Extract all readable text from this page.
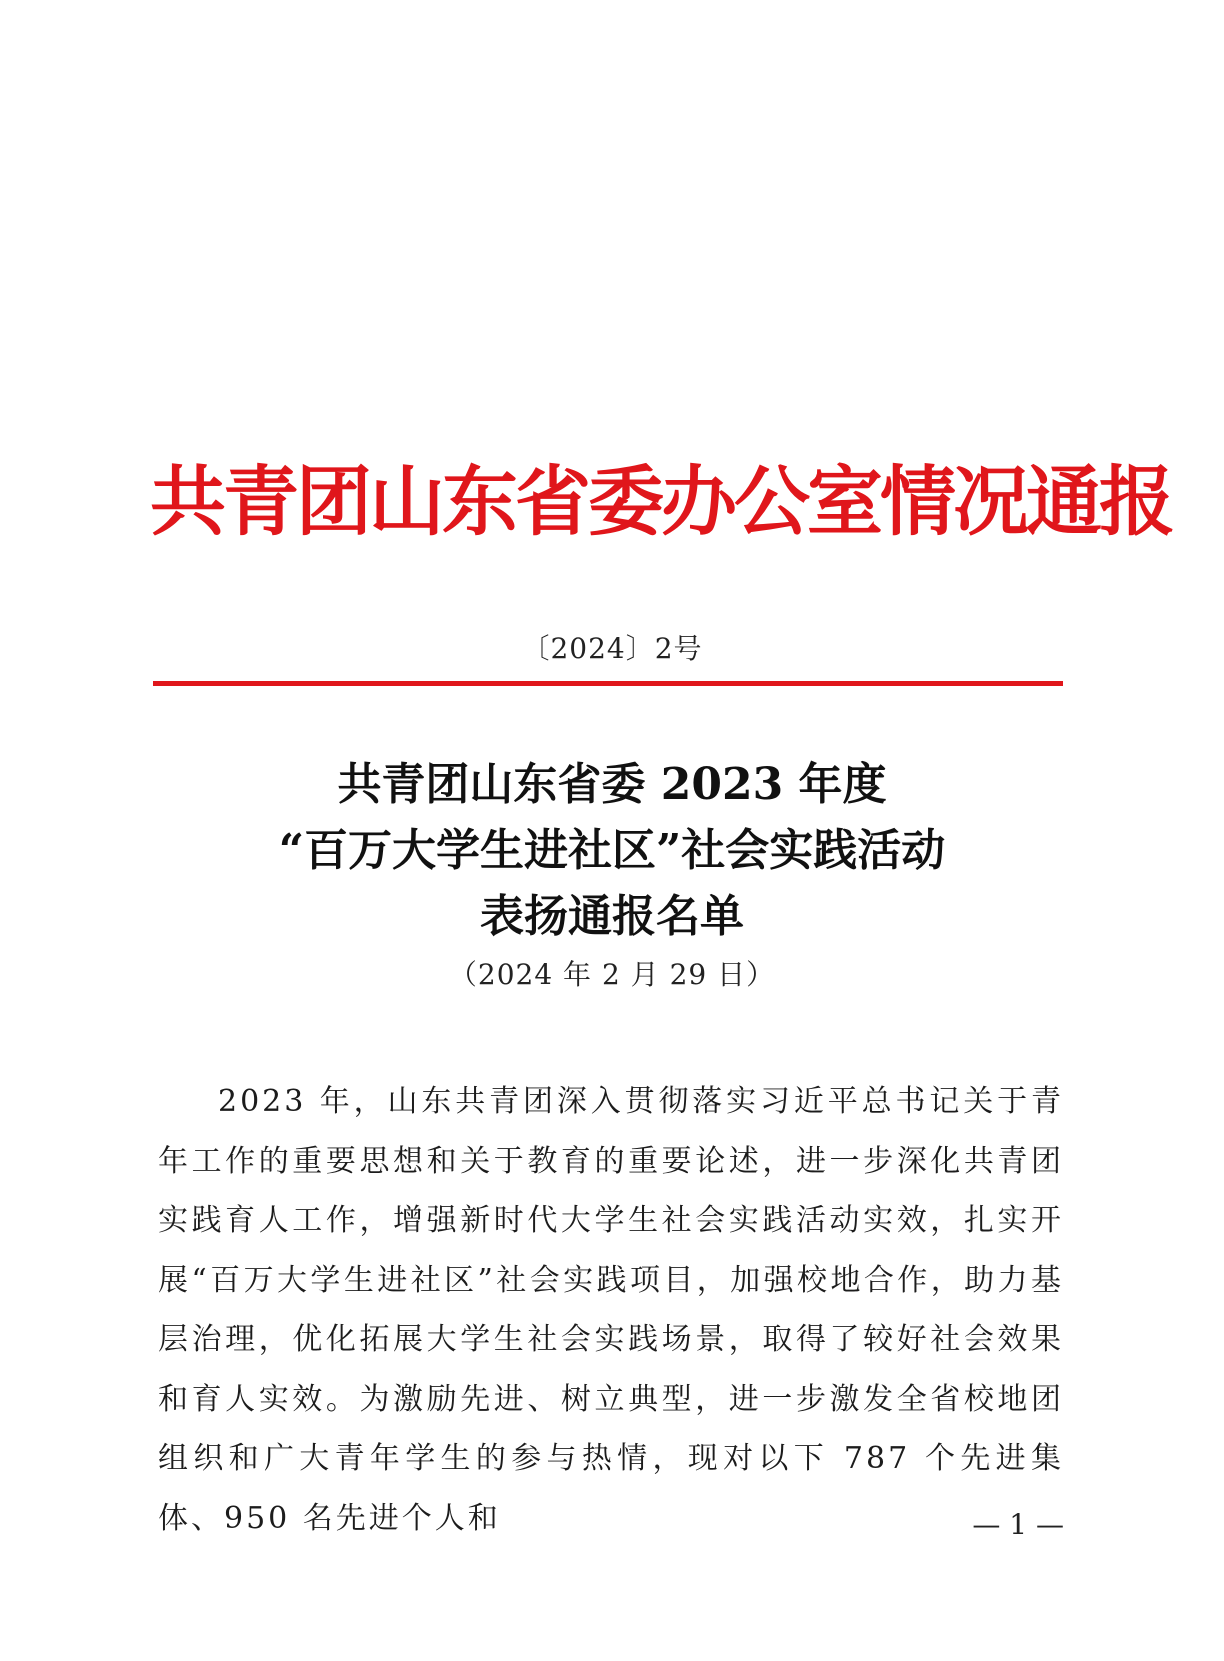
共青团山东省委办公室情况通报
〔2024〕2号
共青团山东省委 2023 年度
“百万大学生进社区”社会实践活动
表扬通报名单
（2024 年 2 月 29 日）

2023 年，山东共青团深入贯彻落实习近平总书记关于青年工作的重要思想和关于教育的重要论述，进一步深化共青团实践育人工作，增强新时代大学生社会实践活动实效，扎实开展“百万大学生进社区”社会实践项目，加强校地合作，助力基层治理，优化拓展大学生社会实践场景，取得了较好社会效果和育人实效。为激励先进、树立典型，进一步激发全省校地团组织和广大青年学生的参与热情，现对以下 787 个先进集体、950 名先进个人和	— 1 —
